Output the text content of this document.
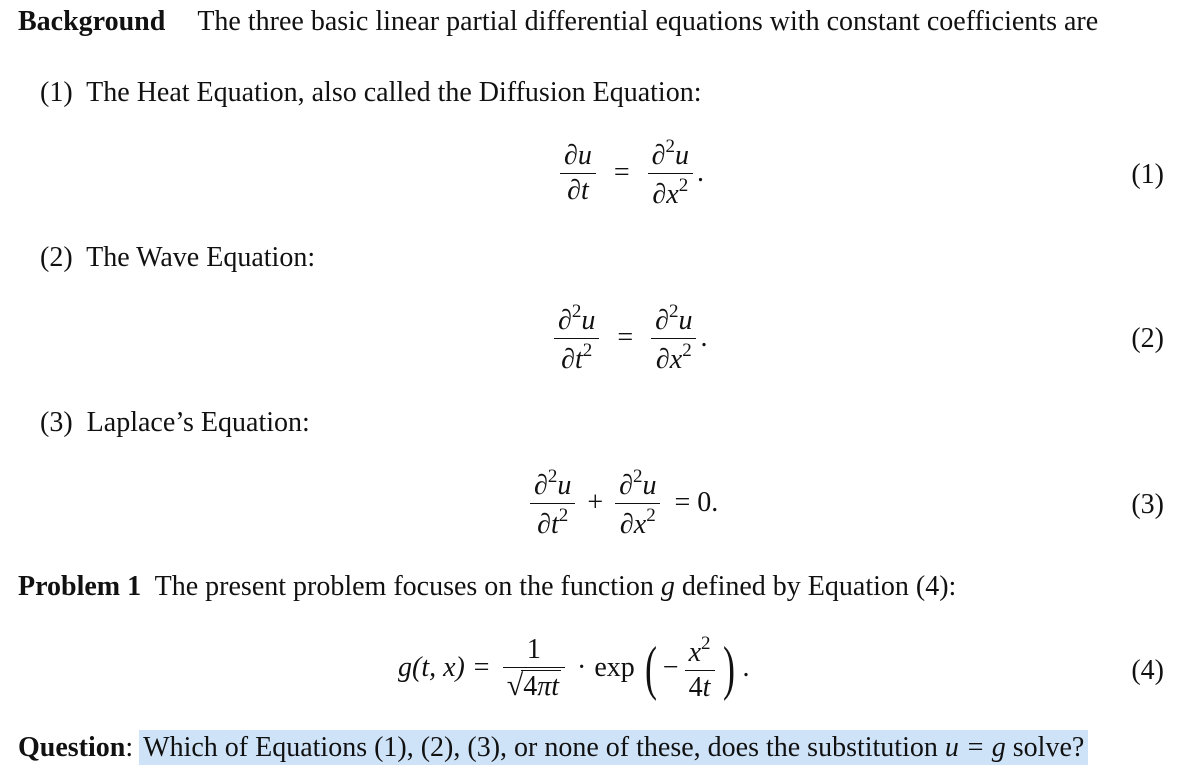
Background The three basic linear partial differential equations with constant coefficients are
(1) The Heat Equation, also called the Diffusion Equation:
$\frac{\partial u}{\partial t} = \frac{\partial^2u}{\partial x^2}$ .	(1)
(2) The Wave Equation:
$\frac{\partial^2u}{\partial t^2} = \frac{\partial^2u}{\partial x^2}$ .	(2)
(3) Laplace’s Equation:
$\frac{\partial^2u}{\partial t^2} + \frac{\partial^2u}{\partial x^2} = 0$.	(3)
Problem 1 The present problem focuses on the function g defined by Equation (4):
g(t, $x) = \frac{1}{√ 4\pi t} \cdot \exp$ ( − $\frac{x^2}{4t}$ ) .	(4)
Question: Which of Equations (1), (2), (3), or none of these, does the substitution u = g solve?
